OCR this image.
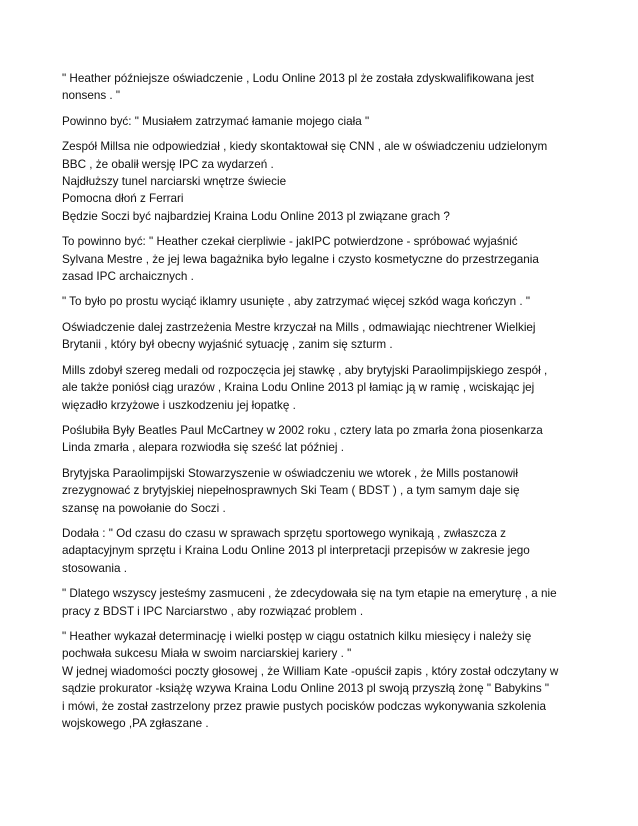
" Heather późniejsze oświadczenie , Lodu Online 2013 pl że została zdyskwalifikowana jest
nonsens . "

Powinno być: " Musiałem zatrzymać łamanie mojego ciała "

Zespół Millsa nie odpowiedział , kiedy skontaktował się CNN , ale w oświadczeniu udzielonym
BBC , że obalił wersję IPC za wydarzeń .
Najdłuższy tunel narciarski wnętrze świecie
Pomocna dłoń z Ferrari
Będzie Soczi być najbardziej Kraina Lodu Online 2013 pl związane grach ?

To powinno być: " Heather czekał cierpliwie - jakIPC potwierdzone - spróbować wyjaśnić
Sylvana Mestre , że jej lewa bagażnika było legalne i czysto kosmetyczne do przestrzegania
zasad IPC archaicznych .

" To było po prostu wyciąć iklamry usunięte , aby zatrzymać więcej szkód waga kończyn . "

Oświadczenie dalej zastrzeżenia Mestre krzyczał na Mills , odmawiając niechtrener Wielkiej
Brytanii , który był obecny wyjaśnić sytuację , zanim się szturm .

Mills zdobył szereg medali od rozpoczęcia jej stawkę , aby brytyjski Paraolimpijskiego zespół ,
ale także poniósł ciąg urazów , Kraina Lodu Online 2013 pl łamiąc ją w ramię , wciskając jej
więzadło krzyżowe i uszkodzeniu jej łopatkę .

Poślubiła Były Beatles Paul McCartney w 2002 roku , cztery lata po zmarła żona piosenkarza
Linda zmarła , alepara rozwiodła się sześć lat później .

Brytyjska Paraolimpijski Stowarzyszenie w oświadczeniu we wtorek , że Mills postanowił
zrezygnować z brytyjskiej niepełnosprawnych Ski Team ( BDST ) , a tym samym daje się
szansę na powołanie do Soczi .

Dodała : " Od czasu do czasu w sprawach sprzętu sportowego wynikają , zwłaszcza z
adaptacyjnym sprzętu i Kraina Lodu Online 2013 pl interpretacji przepisów w zakresie jego
stosowania .

" Dlatego wszyscy jesteśmy zasmuceni , że zdecydowała się na tym etapie na emeryturę , a nie
pracy z BDST i IPC Narciarstwo , aby rozwiązać problem .

" Heather wykazał determinację i wielki postęp w ciągu ostatnich kilku miesięcy i należy się
pochwała sukcesu Miała w swoim narciarskiej kariery . "
W jednej wiadomości poczty głosowej , że William Kate -opuścił zapis , który został odczytany w
sądzie prokurator -książę wzywa Kraina Lodu Online 2013 pl swoją przyszłą żonę " Babykins "
i mówi, że został zastrzelony przez prawie pustych pocisków podczas wykonywania szkolenia
wojskowego ,PA zgłaszane .
